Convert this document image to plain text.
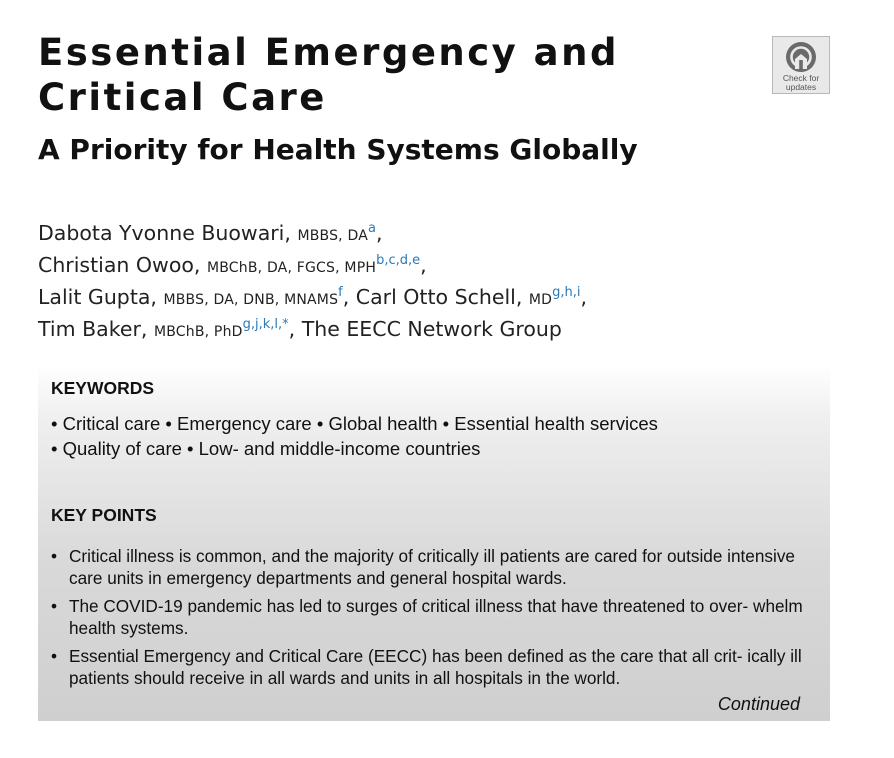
Essential Emergency and
Critical Care
A Priority for Health Systems Globally
Check for
updates
Dabota Yvonne Buowari, MBBS, DA$^a$,
Christian Owoo, MBChB, DA, FGCS, MPH$^{b,c,d,e}$,
Lalit Gupta, MBBS, DA, DNB, MNAMS$^f$, Carl Otto Schell, MD$^{g,h,i}$,
Tim Baker, MBChB, PhD$^{g,j,k,l,*}$, The EECC Network Group
KEYWORDS
• Critical care • Emergency care • Global health • Essential health services
• Quality of care • Low- and middle-income countries
KEY POINTS
• Critical illness is common, and the majority of critically ill patients are cared for outside intensive care units in emergency departments and general hospital wards.
• The COVID-19 pandemic has led to surges of critical illness that have threatened to over- whelm health systems.
• Essential Emergency and Critical Care (EECC) has been defined as the care that all crit- ically ill patients should receive in all wards and units in all hospitals in the world.
Continued
